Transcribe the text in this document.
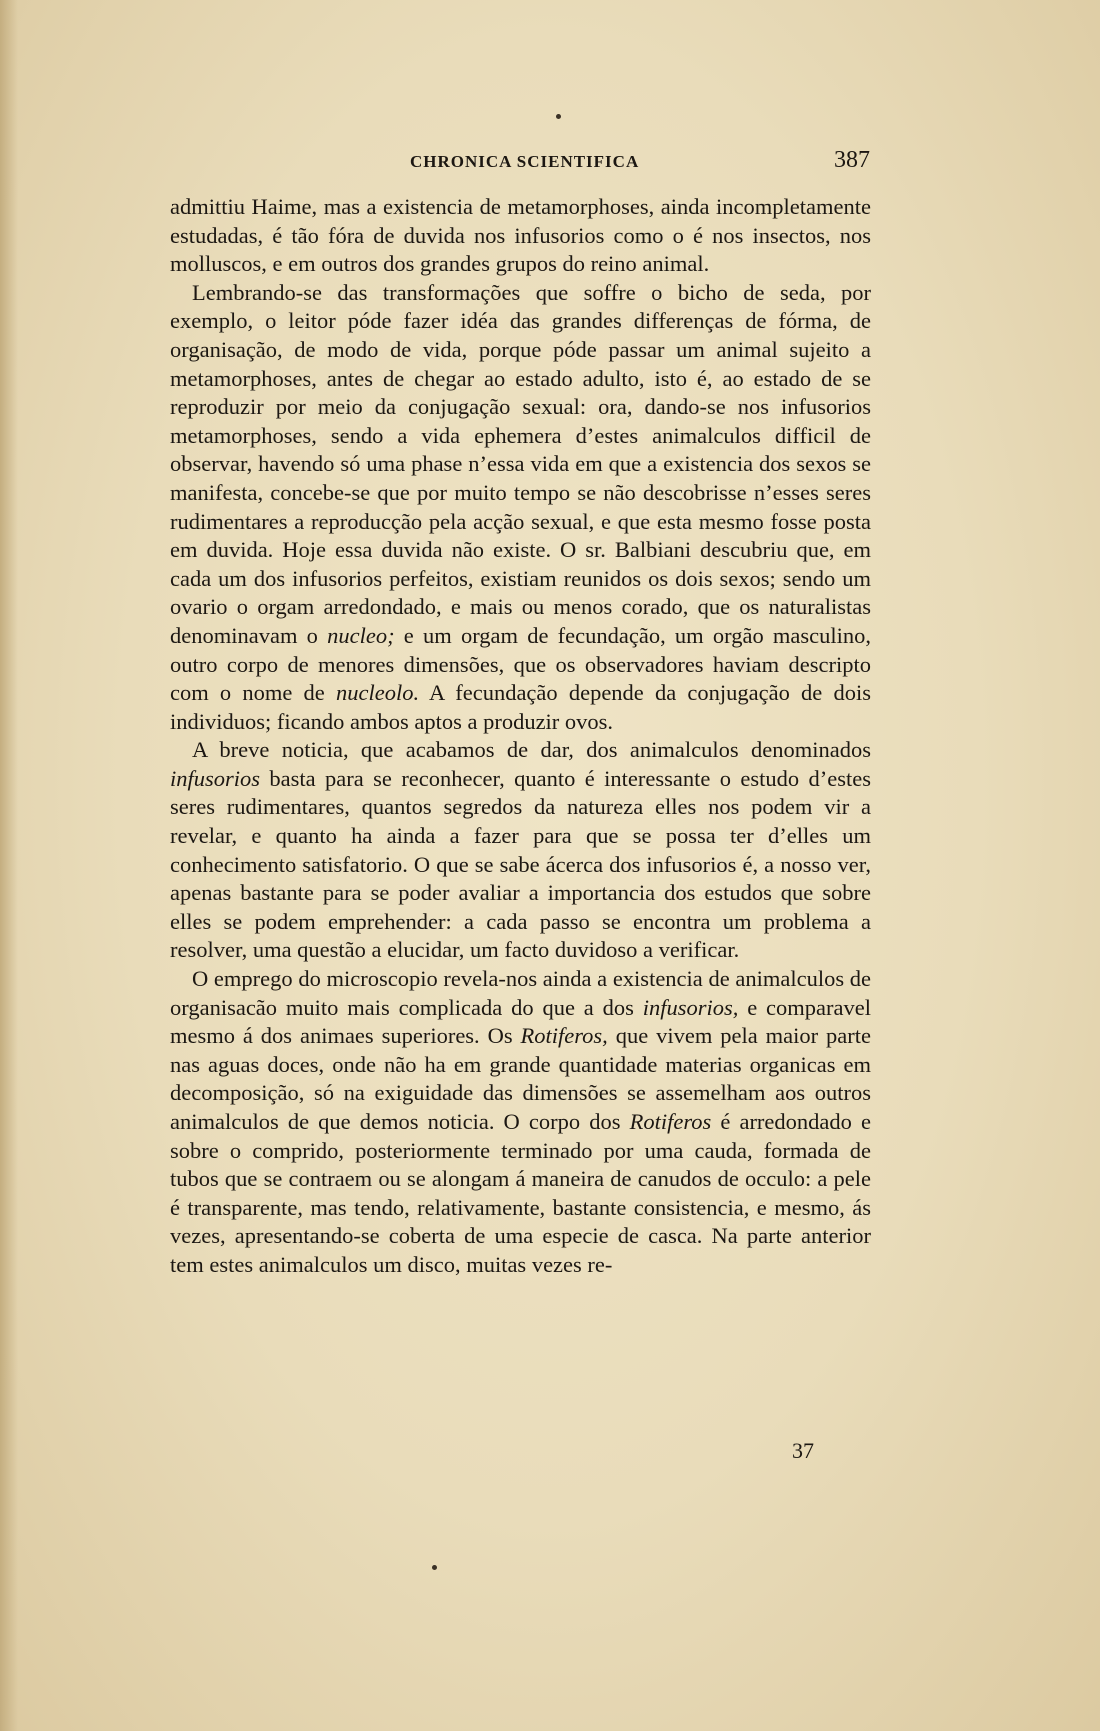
CHRONICA SCIENTIFICA	387

admittiu Haime, mas a existencia de metamorphoses, ainda incompletamente estudadas, é tão fóra de duvida nos infusorios como o é nos insectos, nos molluscos, e em outros dos grandes grupos do reino animal.

Lembrando-se das transformações que soffre o bicho de seda, por exemplo, o leitor póde fazer idéa das grandes differenças de fórma, de organisação, de modo de vida, porque póde passar um animal sujeito a metamorphoses, antes de chegar ao estado adulto, isto é, ao estado de se reproduzir por meio da conjugação sexual: ora, dando-se nos infusorios metamorphoses, sendo a vida ephemera d’estes animalculos difficil de observar, havendo só uma phase n’essa vida em que a existencia dos sexos se manifesta, concebe-se que por muito tempo se não descobrisse n’esses seres rudimentares a reproducção pela acção sexual, e que esta mesmo fosse posta em duvida. Hoje essa duvida não existe. O sr. Balbiani descubriu que, em cada um dos infusorios perfeitos, existiam reunidos os dois sexos; sendo um ovario o orgam arredondado, e mais ou menos corado, que os naturalistas denominavam o nucleo; e um orgam de fecundação, um orgão masculino, outro corpo de menores dimensões, que os observadores haviam descripto com o nome de nucleolo. A fecundação depende da conjugação de dois individuos; ficando ambos aptos a produzir ovos.

A breve noticia, que acabamos de dar, dos animalculos denominados infusorios basta para se reconhecer, quanto é interessante o estudo d’estes seres rudimentares, quantos segredos da natureza elles nos podem vir a revelar, e quanto ha ainda a fazer para que se possa ter d’elles um conhecimento satisfatorio. O que se sabe ácerca dos infusorios é, a nosso ver, apenas bastante para se poder avaliar a importancia dos estudos que sobre elles se podem emprehender: a cada passo se encontra um problema a resolver, uma questão a elucidar, um facto duvidoso a verificar.

O emprego do microscopio revela-nos ainda a existencia de animalculos de organisacão muito mais complicada do que a dos infusorios, e comparavel mesmo á dos animaes superiores. Os Rotiferos, que vivem pela maior parte nas aguas doces, onde não ha em grande quantidade materias organicas em decomposição, só na exiguidade das dimensões se assemelham aos outros animalculos de que demos noticia. O corpo dos Rotiferos é arredondado e sobre o comprido, posteriormente terminado por uma cauda, formada de tubos que se contraem ou se alongam á maneira de canudos de occulo: a pele é transparente, mas tendo, relativamente, bastante consistencia, e mesmo, ás vezes, apresentando-se coberta de uma especie de casca. Na parte anterior tem estes animalculos um disco, muitas vezes re-

37
